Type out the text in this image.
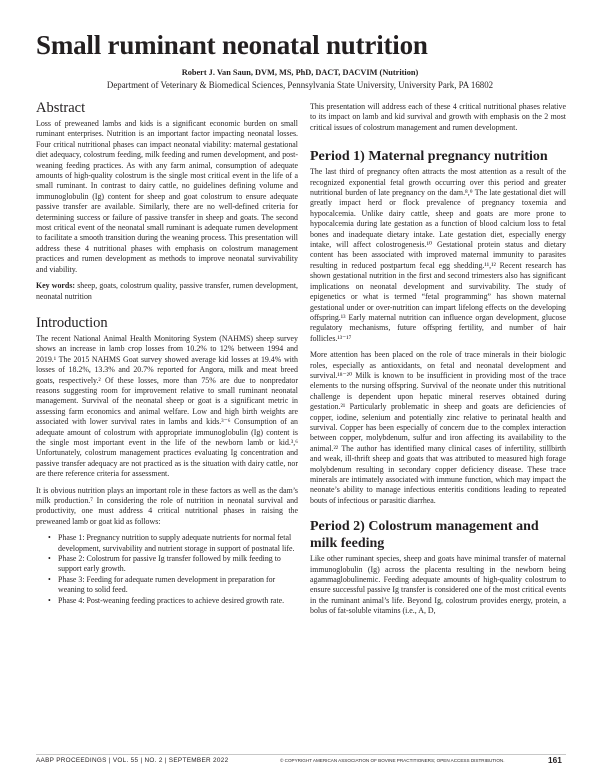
Small ruminant neonatal nutrition
Robert J. Van Saun, DVM, MS, PhD, DACT, DACVIM (Nutrition)
Department of Veterinary & Biomedical Sciences, Pennsylvania State University, University Park, PA 16802
Abstract

Loss of preweaned lambs and kids is a significant economic burden on small ruminant enterprises. Nutrition is an important factor impacting neonatal losses. Four critical nutritional phases can impact neonatal viability: maternal gestational diet adequacy, colostrum feeding, milk feeding and rumen development, and post-weaning feeding practices. As with any farm animal, consumption of adequate amounts of high-quality colostrum is the single most critical event in the life of a small ruminant. In contrast to dairy cattle, no guidelines defining volume and immunoglobulin (Ig) content for sheep and goat colostrum to ensure adequate passive transfer are available. Similarly, there are no well-defined criteria for determining success or failure of passive transfer in sheep and goats. The second most critical event of the neonatal small ruminant is adequate rumen development to facilitate a smooth transition during the weaning process. This presentation will address these 4 nutritional phases with emphasis on colostrum management practices and rumen development as methods to improve neonatal survivability and viability.

Key words: sheep, goats, colostrum quality, passive transfer, rumen development, neonatal nutrition

Introduction

The recent National Animal Health Monitoring System (NAHMS) sheep survey shows an increase in lamb crop losses from 10.2% to 12% between 1994 and 2019.¹ The 2015 NAHMS Goat survey showed average kid losses at 19.4% with losses of 18.2%, 13.3% and 20.7% reported for Angora, milk and meat breed goats, respectively.² Of these losses, more than 75% are due to nonpredator reasons suggesting room for improvement relative to small ruminant neonatal management. Survival of the neonatal sheep or goat is a significant metric in assessing farm economics and animal welfare. Low and high birth weights are associated with lower survival rates in lambs and kids.³⁻⁶ Consumption of an adequate amount of colostrum with appropriate immunoglobulin (Ig) content is the single most important event in the life of the newborn lamb or kid.³,⁶ Unfortunately, colostrum management practices evaluating Ig concentration and passive transfer adequacy are not practiced as is the situation with dairy cattle, nor are there reference criteria for assessment.

It is obvious nutrition plays an important role in these factors as well as the dam’s milk production.⁷ In considering the role of nutrition in neonatal survival and productivity, one must address 4 critical nutritional phases in raising the preweaned lamb or goat kid as follows:

• Phase 1: Pregnancy nutrition to supply adequate nutrients for normal fetal development, survivability and nutrient storage in support of postnatal life.
• Phase 2: Colostrum for passive Ig transfer followed by milk feeding to support early growth.
• Phase 3: Feeding for adequate rumen development in preparation for weaning to solid feed.
• Phase 4: Post-weaning feeding practices to achieve desired growth rate.

This presentation will address each of these 4 critical nutritional phases relative to its impact on lamb and kid survival and growth with emphasis on the 2 most critical issues of colostrum management and rumen development.

Period 1) Maternal pregnancy nutrition

The last third of pregnancy often attracts the most attention as a result of the recognized exponential fetal growth occurring over this period and greater nutritional burden of late pregnancy on the dam.⁸,⁹ The late gestational diet will greatly impact herd or flock prevalence of pregnancy toxemia and hypocalcemia. Unlike dairy cattle, sheep and goats are more prone to hypocalcemia during late gestation as a function of blood calcium loss to fetal bones and inadequate dietary intake. Late gestation diet, especially energy intake, will affect colostrogenesis.¹⁰ Gestational protein status and dietary content has been associated with improved maternal immunity to parasites resulting in reduced postpartum fecal egg shedding.¹¹,¹² Recent research has shown gestational nutrition in the first and second trimesters also has significant implications on neonatal development and survivability. The study of epigenetics or what is termed “fetal programming” has shown maternal gestational under or over-nutrition can impart lifelong effects on the developing offspring.¹³ Early maternal nutrition can influence organ development, glucose regulatory mechanisms, future offspring fertility, and number of hair follicles.¹³⁻¹⁷

More attention has been placed on the role of trace minerals in their biologic roles, especially as antioxidants, on fetal and neonatal development and survival.¹⁸⁻²⁰ Milk is known to be insufficient in providing most of the trace elements to the nursing offspring. Survival of the neonate under this nutritional challenge is dependent upon hepatic mineral reserves obtained during gestation.²¹ Particularly problematic in sheep and goats are deficiencies of copper, iodine, selenium and potentially zinc relative to perinatal health and survival. Copper has been especially of concern due to the complex interaction between copper, molybdenum, sulfur and iron affecting its availability to the animal.²² The author has identified many clinical cases of infertility, stillbirth and weak, ill-thrift sheep and goats that was attributed to measured high forage molybdenum resulting in secondary copper deficiency disease. These trace minerals are intimately associated with immune function, which may impact the neonate’s ability to manage infectious enteritis conditions leading to repeated bouts of infectious or parasitic diarrhea.

Period 2) Colostrum management and
milk feeding

Like other ruminant species, sheep and goats have minimal transfer of maternal immunoglobulin (Ig) across the placenta resulting in the newborn being agammaglobulinemic. Feeding adequate amounts of high-quality colostrum to ensure successful passive Ig transfer is considered one of the most critical events in the ruminant animal’s life. Beyond Ig, colostrum provides energy, protein, a bolus of fat-soluble vitamins (i.e., A, D,

AABP PROCEEDINGS | VOL. 55 | NO. 2 | SEPTEMBER 2022	© COPYRIGHT AMERICAN ASSOCIATION OF BOVINE PRACTITIONERS; OPEN ACCESS DISTRIBUTION.	161
